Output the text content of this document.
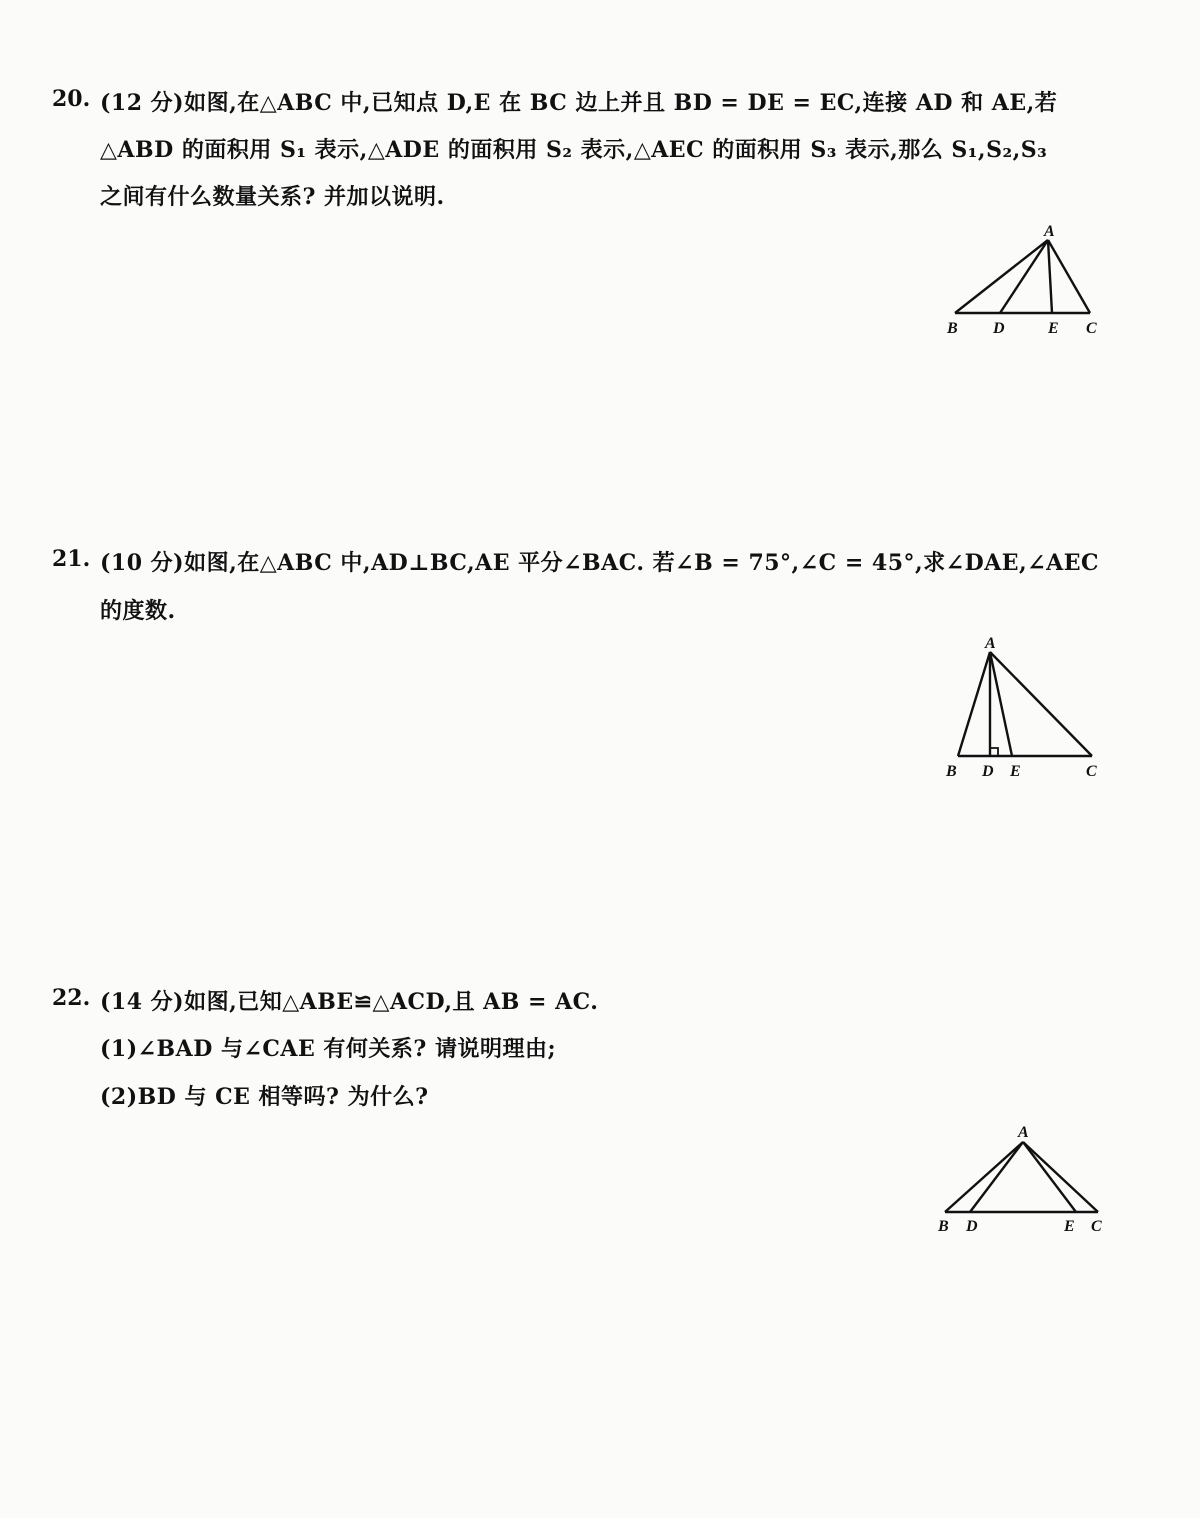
20. (12 分)如图,在△ABC 中,已知点 D,E 在 BC 边上并且 BD = DE = EC,连接 AD 和 AE,若
△ABD 的面积用 S₁ 表示,△ADE 的面积用 S₂ 表示,△AEC 的面积用 S₃ 表示,那么 S₁,S₂,S₃
之间有什么数量关系? 并加以说明.
A
B D	E C
21. (10 分)如图,在△ABC 中,AD⊥BC,AE 平分∠BAC. 若∠B = 75°,∠C = 45°,求∠DAE,∠AEC
的度数.
A
B D E	C
22. (14 分)如图,已知△ABE≌△ACD,且 AB = AC.
(1)∠BAD 与∠CAE 有何关系? 请说明理由;
(2)BD 与 CE 相等吗? 为什么?
A
B D	E C
